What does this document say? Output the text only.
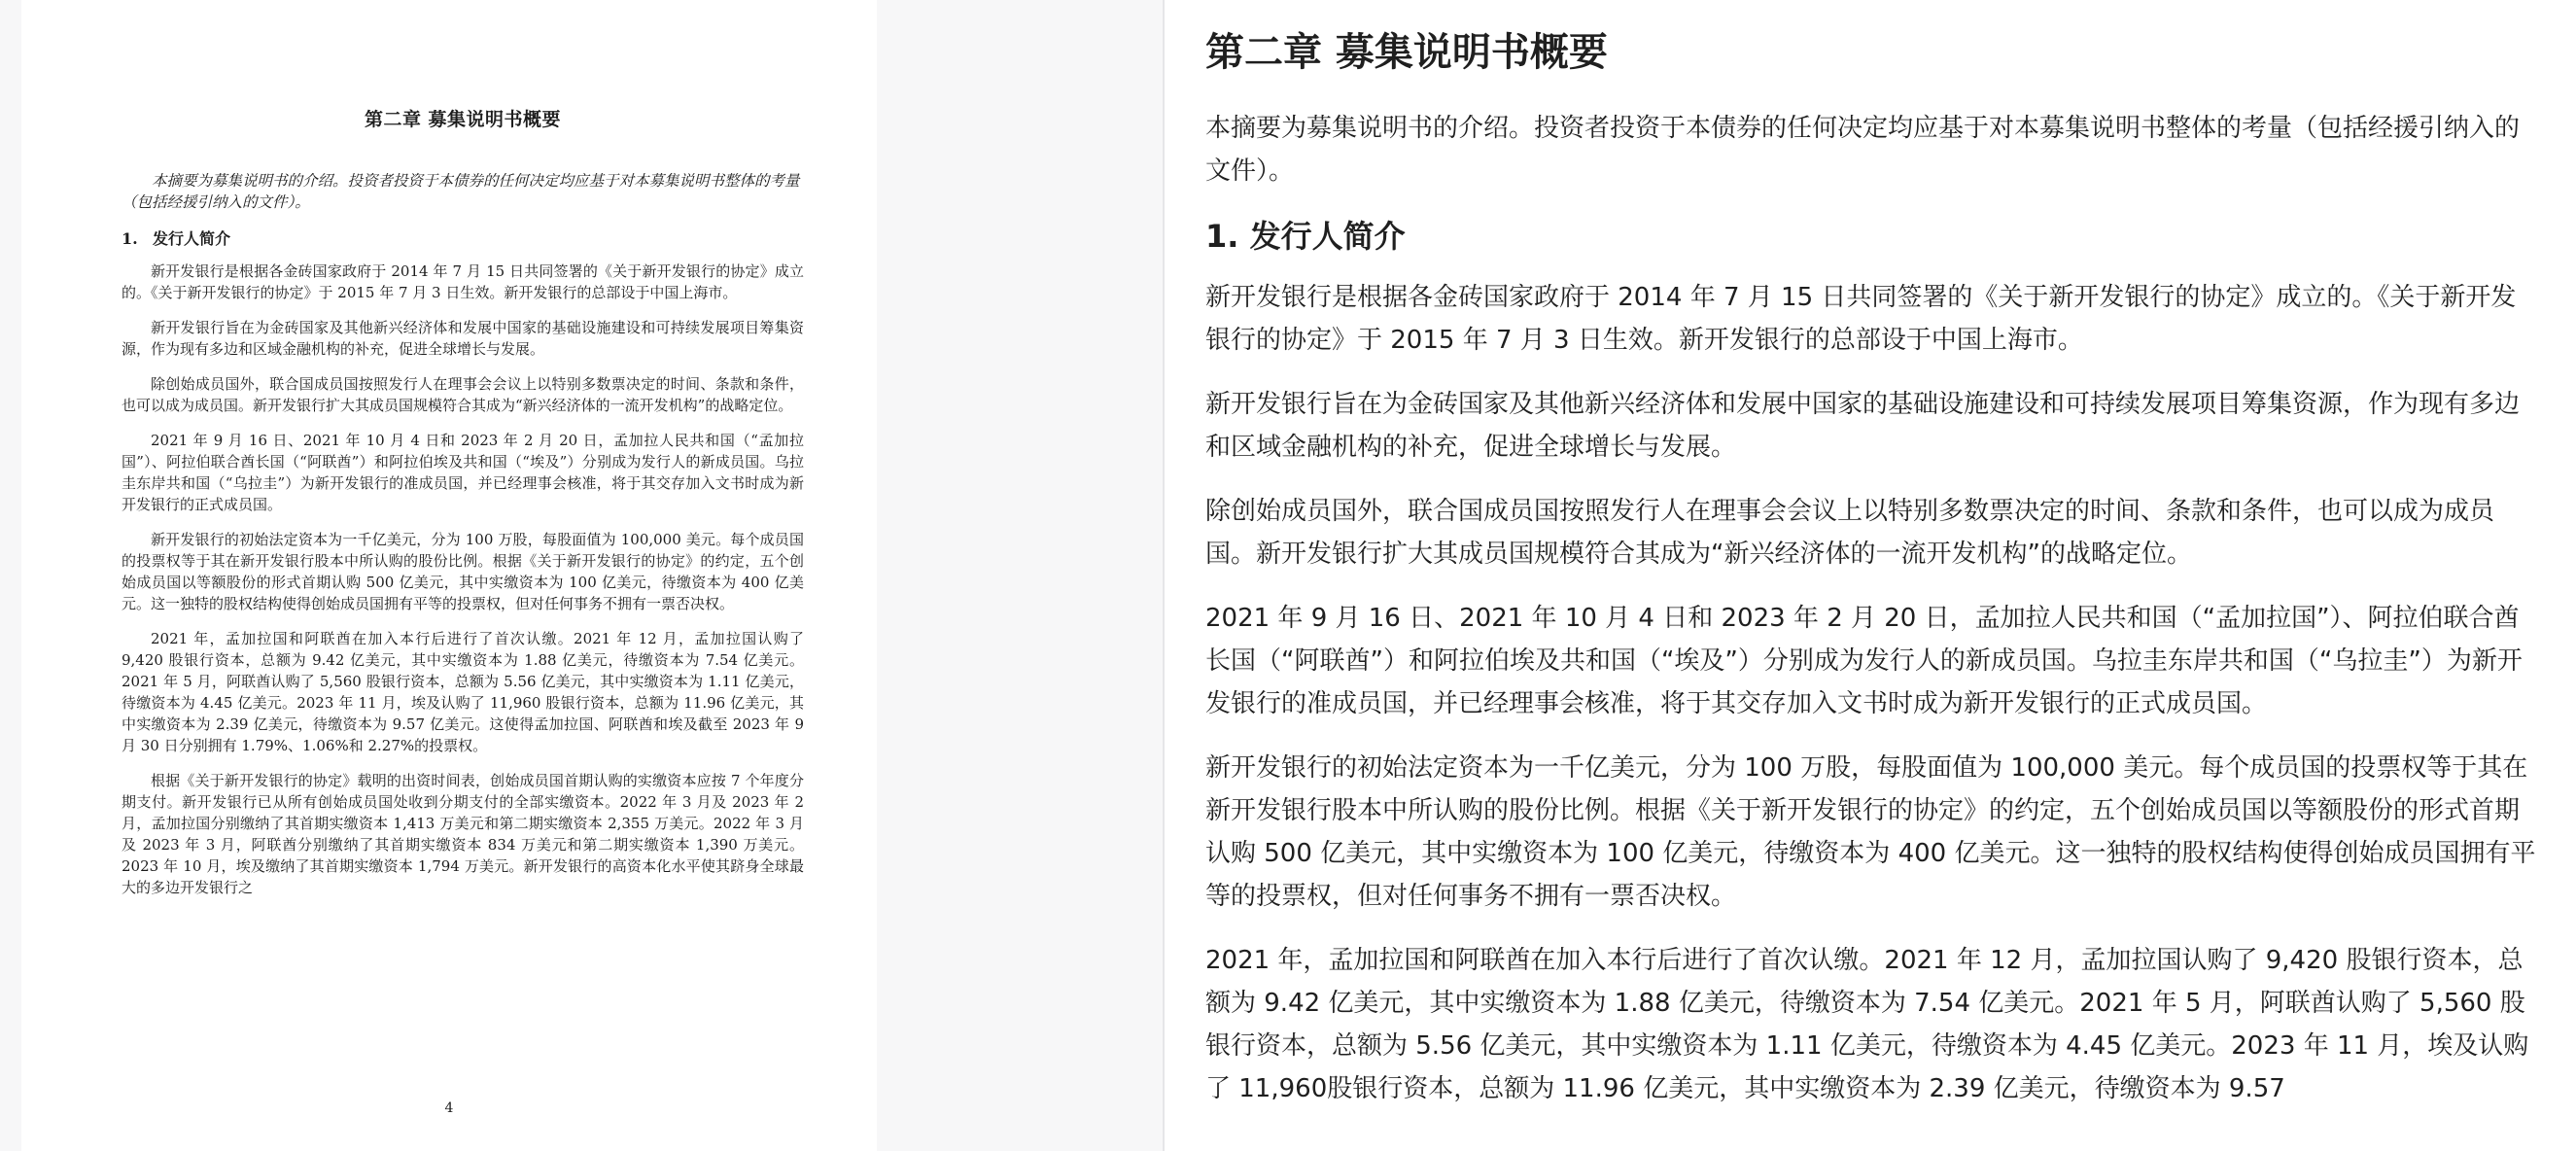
第二章 募集说明书概要

本摘要为募集说明书的介绍。投资者投资于本债券的任何决定均应基于对本募集说明书整体的考量（包括经援引纳入的文件）。

1. 发行人简介

新开发银行是根据各金砖国家政府于 2014 年 7 月 15 日共同签署的《关于新开发银行的协定》成立的。《关于新开发银行的协定》于 2015 年 7 月 3 日生效。新开发银行的总部设于中国上海市。

新开发银行旨在为金砖国家及其他新兴经济体和发展中国家的基础设施建设和可持续发展项目筹集资源，作为现有多边和区域金融机构的补充，促进全球增长与发展。

除创始成员国外，联合国成员国按照发行人在理事会会议上以特别多数票决定的时间、条款和条件，也可以成为成员国。新开发银行扩大其成员国规模符合其成为“新兴经济体的一流开发机构”的战略定位。

2021 年 9 月 16 日、2021 年 10 月 4 日和 2023 年 2 月 20 日，孟加拉人民共和国（“孟加拉国”）、阿拉伯联合酋长国（“阿联酋”）和阿拉伯埃及共和国（“埃及”）分别成为发行人的新成员国。乌拉圭东岸共和国（“乌拉圭”）为新开发银行的准成员国，并已经理事会核准，将于其交存加入文书时成为新开发银行的正式成员国。

新开发银行的初始法定资本为一千亿美元，分为 100 万股，每股面值为 100,000 美元。每个成员国的投票权等于其在新开发银行股本中所认购的股份比例。根据《关于新开发银行的协定》的约定，五个创始成员国以等额股份的形式首期认购 500 亿美元，其中实缴资本为 100 亿美元，待缴资本为 400 亿美元。这一独特的股权结构使得创始成员国拥有平等的投票权，但对任何事务不拥有一票否决权。

2021 年，孟加拉国和阿联酋在加入本行后进行了首次认缴。2021 年 12 月，孟加拉国认购了 9,420 股银行资本，总额为 9.42 亿美元，其中实缴资本为 1.88 亿美元，待缴资本为 7.54 亿美元。2021 年 5 月，阿联酋认购了 5,560 股银行资本，总额为 5.56 亿美元，其中实缴资本为 1.11 亿美元，待缴资本为 4.45 亿美元。2023 年 11 月，埃及认购了 11,960 股银行资本，总额为 11.96 亿美元，其中实缴资本为 2.39 亿美元，待缴资本为 9.57 亿美元。这使得孟加拉国、阿联酋和埃及截至 2023 年 9 月 30 日分别拥有 1.79%、1.06%和 2.27%的投票权。

根据《关于新开发银行的协定》载明的出资时间表，创始成员国首期认购的实缴资本应按 7 个年度分期支付。新开发银行已从所有创始成员国处收到分期支付的全部实缴资本。2022 年 3 月及 2023 年 2 月，孟加拉国分别缴纳了其首期实缴资本 1,413 万美元和第二期实缴资本 2,355 万美元。2022 年 3 月及 2023 年 3 月，阿联酋分别缴纳了其首期实缴资本 834 万美元和第二期实缴资本 1,390 万美元。2023 年 10 月，埃及缴纳了其首期实缴资本 1,794 万美元。新开发银行的高资本化水平使其跻身全球最大的多边开发银行之

4
第二章 募集说明书概要

本摘要为募集说明书的介绍。投资者投资于本债券的任何决定均应基于对本募集说明书整体的考量（包括经援引纳入的文件）。

1. 发行人简介

新开发银行是根据各金砖国家政府于 2014 年 7 月 15 日共同签署的《关于新开发银行的协定》成立的。《关于新开发银行的协定》于 2015 年 7 月 3 日生效。新开发银行的总部设于中国上海市。

新开发银行旨在为金砖国家及其他新兴经济体和发展中国家的基础设施建设和可持续发展项目筹集资源，作为现有多边和区域金融机构的补充，促进全球增长与发展。

除创始成员国外，联合国成员国按照发行人在理事会会议上以特别多数票决定的时间、条款和条件，也可以成为成员国。新开发银行扩大其成员国规模符合其成为“新兴经济体的一流开发机构”的战略定位。

2021 年 9 月 16 日、2021 年 10 月 4 日和 2023 年 2 月 20 日，孟加拉人民共和国（“孟加拉国”）、阿拉伯联合酋长国（“阿联酋”）和阿拉伯埃及共和国（“埃及”）分别成为发行人的新成员国。乌拉圭东岸共和国（“乌拉圭”）为新开发银行的准成员国，并已经理事会核准，将于其交存加入文书时成为新开发银行的正式成员国。

新开发银行的初始法定资本为一千亿美元，分为 100 万股，每股面值为 100,000 美元。每个成员国的投票权等于其在新开发银行股本中所认购的股份比例。根据《关于新开发银行的协定》的约定，五个创始成员国以等额股份的形式首期认购 500 亿美元，其中实缴资本为 100 亿美元，待缴资本为 400 亿美元。这一独特的股权结构使得创始成员国拥有平等的投票权，但对任何事务不拥有一票否决权。

2021 年，孟加拉国和阿联酋在加入本行后进行了首次认缴。2021 年 12 月，孟加拉国认购了 9,420 股银行资本，总额为 9.42 亿美元，其中实缴资本为 1.88 亿美元，待缴资本为 7.54 亿美元。2021 年 5 月，阿联酋认购了 5,560 股银行资本，总额为 5.56 亿美元，其中实缴资本为 1.11 亿美元，待缴资本为 4.45 亿美元。2023 年 11 月，埃及认购了 11,960股银行资本，总额为 11.96 亿美元，其中实缴资本为 2.39 亿美元，待缴资本为 9.57
